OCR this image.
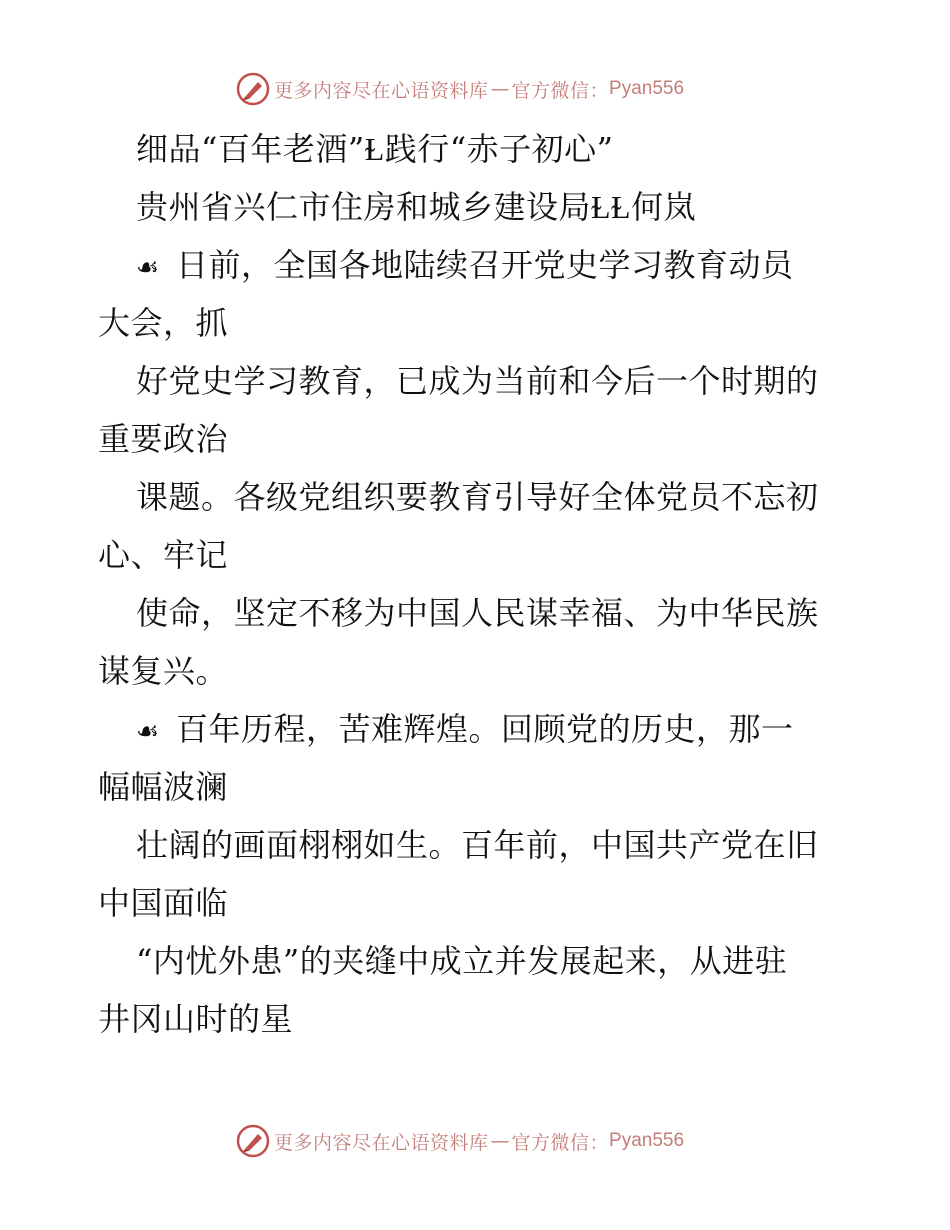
更多内容尽在心语资料库 — 官方微信： Pyan556
细品“百年老酒”Ɫ践行“赤子初心”
贵州省兴仁市住房和城乡建设局ⱢⱢ何岚
☙ 日前，全国各地陆续召开党史学习教育动员
大会，抓
好党史学习教育，已成为当前和今后一个时期的
重要政治
课题。各级党组织要教育引导好全体党员不忘初
心、牢记
使命，坚定不移为中国人民谋幸福、为中华民族
谋复兴。
☙ 百年历程，苦难辉煌。回顾党的历史，那一
幅幅波澜
壮阔的画面栩栩如生。百年前，中国共产党在旧
中国面临
“内忧外患”的夹缝中成立并发展起来，从进驻
井冈山时的星
更多内容尽在心语资料库 — 官方微信： Pyan556
